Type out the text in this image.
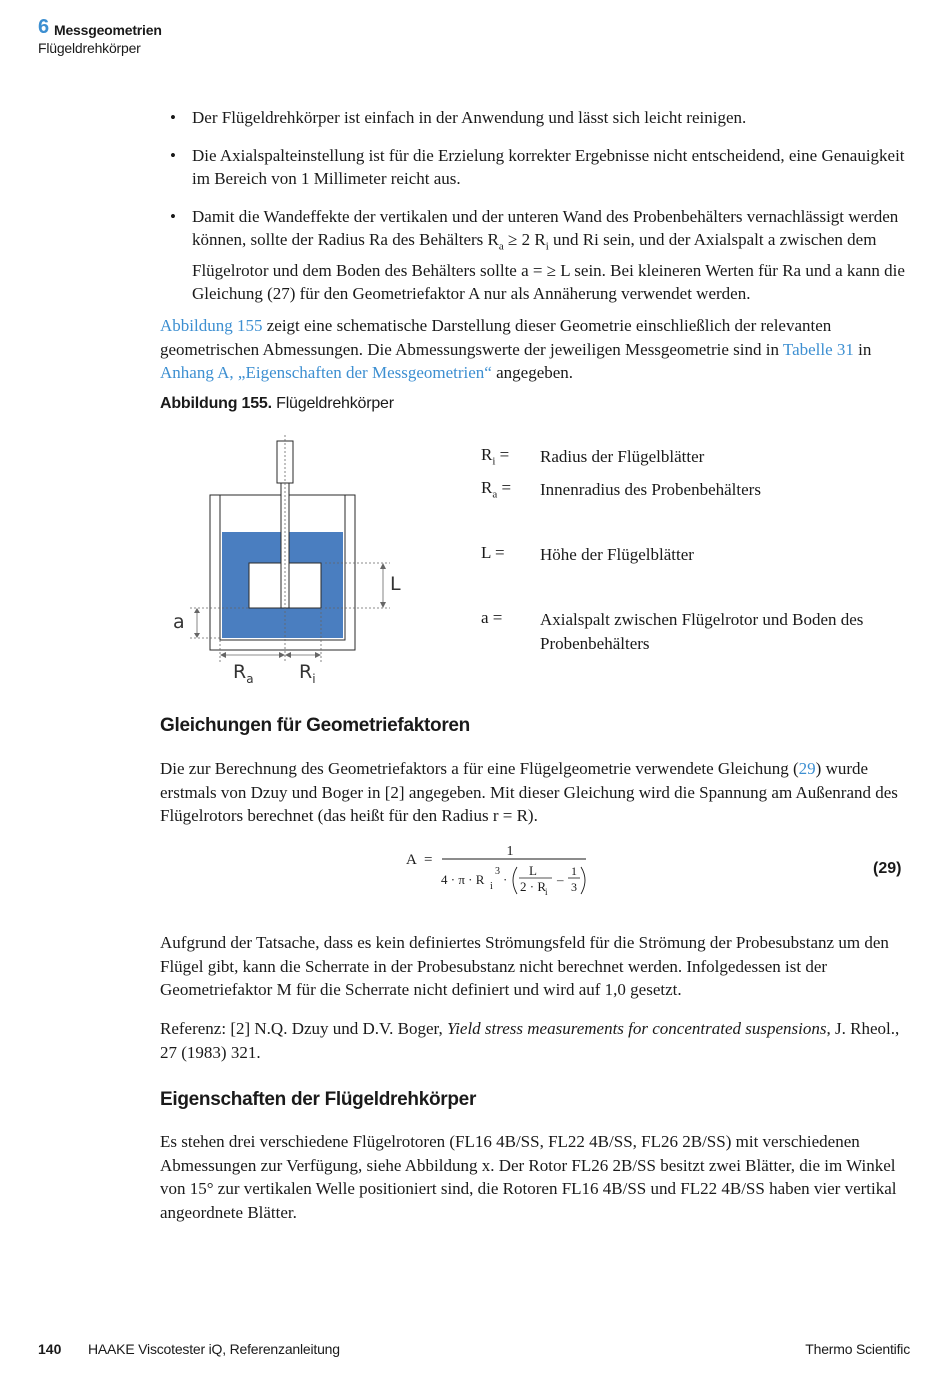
6 Messgeometrien
Flügeldrehkörper
• Der Flügeldrehkörper ist einfach in der Anwendung und lässt sich leicht reinigen.
• Die Axialspalteinstellung ist für die Erzielung korrekter Ergebnisse nicht entscheidend, eine Genauigkeit im Bereich von 1 Millimeter reicht aus.
• Damit die Wandeffekte der vertikalen und der unteren Wand des Probenbehälters vernachlässigt werden können, sollte der Radius Ra des Behälters $R_a \ge 2$ $R_i$ und Ri sein, und der Axialspalt a zwischen dem Flügelrotor und dem Boden des Behälters sollte a = ≥ L sein. Bei kleineren Werten für Ra und a kann die Gleichung (27) für den Geometriefaktor A nur als Annäherung verwendet werden.

Abbildung 155 zeigt eine schematische Darstellung dieser Geometrie einschließlich der relevanten geometrischen Abmessungen. Die Abmessungswerte der jeweiligen Messgeometrie sind in Tabelle 31 in Anhang A, „Eigenschaften der Messgeometrien“ angegeben.

Abbildung 155. Flügeldrehkörper
L
a
$R_a$ $R_i$
$R_i$ =	Radius der Flügelblätter
$R_a$ =	Innenradius des Probenbehälters
L =	Höhe der Flügelblätter
a =	Axialspalt zwischen Flügelrotor und Boden des Probenbehälters
Gleichungen für Geometriefaktoren

Die zur Berechnung des Geometriefaktors a für eine Flügelgeometrie verwendete Gleichung (29) wurde erstmals von Dzuy und Boger in [2] angegeben. Mit dieser Gleichung wird die Spannung am Außenrand des Flügelrotors berechnet (das heißt für den Radius r = R).

A =
1
4 · π · R i
3
·
L
2 · R i
–
1
3
(29)

Aufgrund der Tatsache, dass es kein definiertes Strömungsfeld für die Strömung der Probesubstanz um den Flügel gibt, kann die Scherrate in der Probesubstanz nicht berechnet werden. Infolgedessen ist der Geometriefaktor M für die Scherrate nicht definiert und wird auf 1,0 gesetzt.

Referenz: [2] N.Q. Dzuy und D.V. Boger, Yield stress measurements for concentrated suspensions, J. Rheol., 27 (1983) 321.

Eigenschaften der Flügeldrehkörper

Es stehen drei verschiedene Flügelrotoren (FL16 4B/SS, FL22 4B/SS, FL26 2B/SS) mit verschiedenen Abmessungen zur Verfügung, siehe Abbildung x. Der Rotor FL26 2B/SS besitzt zwei Blätter, die im Winkel von 15° zur vertikalen Welle positioniert sind, die Rotoren FL16 4B/SS und FL22 4B/SS haben vier vertikal angeordnete Blätter.

140 HAAKE Viscotester iQ, Referenzanleitung	Thermo Scientific
